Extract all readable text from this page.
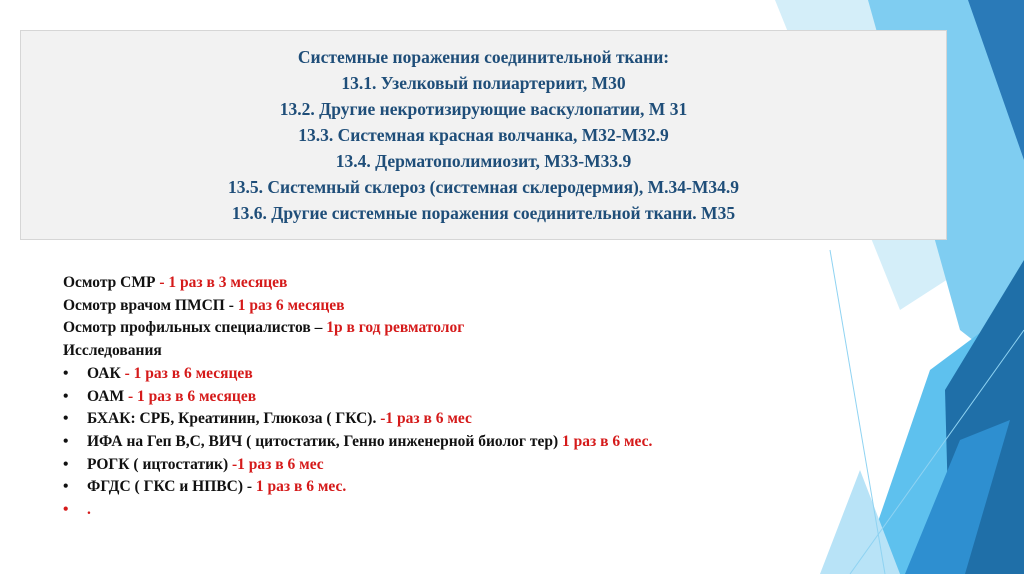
Системные поражения соединительной ткани:
13.1. Узелковый полиартериит, М30
13.2. Другие некротизирующие васкулопатии, М 31
13.3. Системная красная волчанка, М32-М32.9
13.4. Дерматополимиозит, М33-М33.9
13.5. Системный склероз (системная склеродермия), М.34-М34.9
13.6. Другие системные поражения соединительной ткани. М35
Осмотр СМР - 1 раз в 3 месяцев
Осмотр врачом ПМСП - 1 раз 6 месяцев
Осмотр профильных специалистов – 1р в год ревматолог
Исследования
• ОАК - 1 раз в 6 месяцев
• ОАМ - 1 раз в 6 месяцев
• БХАК: СРБ, Креатинин, Глюкоза ( ГКС). -1 раз в 6 мес
• ИФА на Геп В,С, ВИЧ ( цитостатик, Генно инженерной биолог тер) 1 раз в 6 мес.
• РОГК ( ицтостатик) -1 раз в 6 мес
• ФГДС ( ГКС и НПВС) - 1 раз в 6 мес.
• .
